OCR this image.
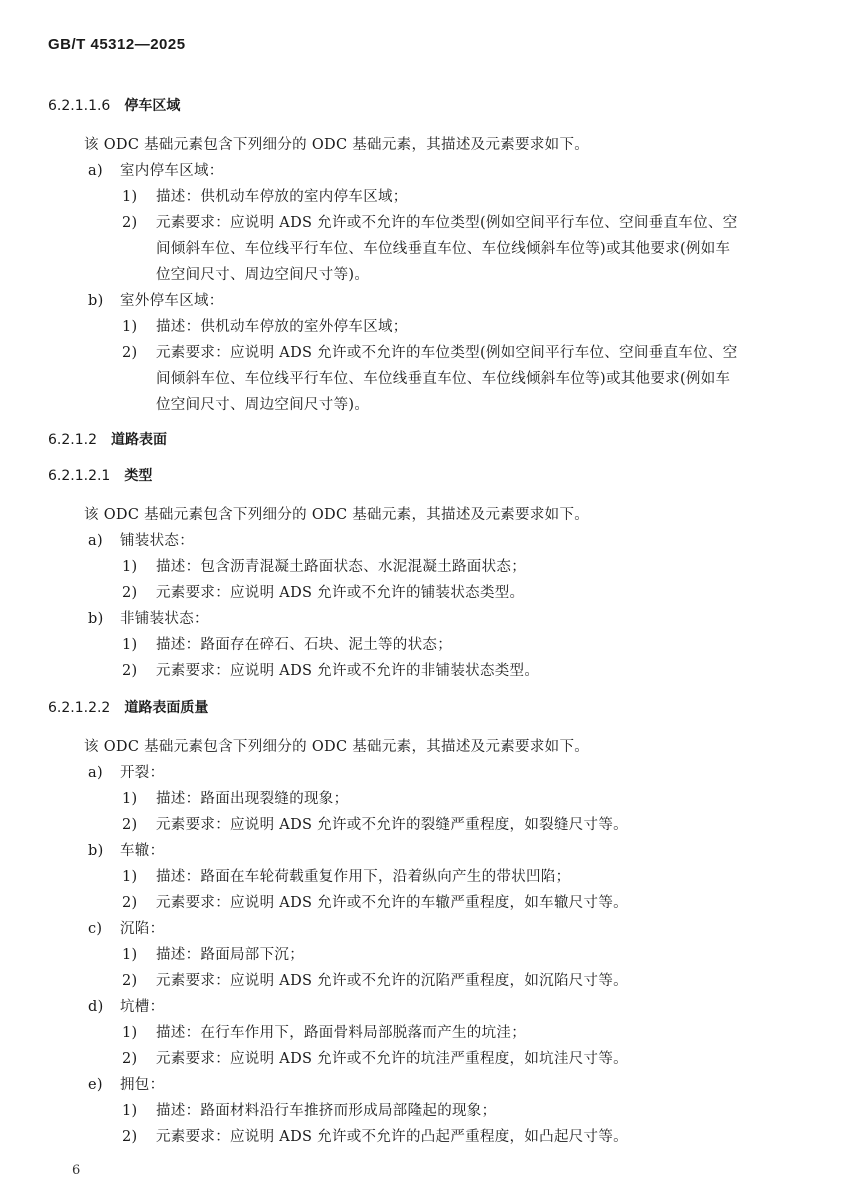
GB/T 45312—2025
6.2.1.1.6 停车区域
该 ODC 基础元素包含下列细分的 ODC 基础元素，其描述及元素要求如下。
a) 室内停车区域：
1) 描述：供机动车停放的室内停车区域；
2) 元素要求：应说明 ADS 允许或不允许的车位类型(例如空间平行车位、空间垂直车位、空
间倾斜车位、车位线平行车位、车位线垂直车位、车位线倾斜车位等)或其他要求(例如车
位空间尺寸、周边空间尺寸等)。
b) 室外停车区域：
1) 描述：供机动车停放的室外停车区域；
2) 元素要求：应说明 ADS 允许或不允许的车位类型(例如空间平行车位、空间垂直车位、空
间倾斜车位、车位线平行车位、车位线垂直车位、车位线倾斜车位等)或其他要求(例如车
位空间尺寸、周边空间尺寸等)。
6.2.1.2 道路表面
6.2.1.2.1 类型
该 ODC 基础元素包含下列细分的 ODC 基础元素，其描述及元素要求如下。
a) 铺装状态：
1) 描述：包含沥青混凝土路面状态、水泥混凝土路面状态；
2) 元素要求：应说明 ADS 允许或不允许的铺装状态类型。
b) 非铺装状态：
1) 描述：路面存在碎石、石块、泥土等的状态；
2) 元素要求：应说明 ADS 允许或不允许的非铺装状态类型。
6.2.1.2.2 道路表面质量
该 ODC 基础元素包含下列细分的 ODC 基础元素，其描述及元素要求如下。
a) 开裂：
1) 描述：路面出现裂缝的现象；
2) 元素要求：应说明 ADS 允许或不允许的裂缝严重程度，如裂缝尺寸等。
b) 车辙：
1) 描述：路面在车轮荷载重复作用下，沿着纵向产生的带状凹陷；
2) 元素要求：应说明 ADS 允许或不允许的车辙严重程度，如车辙尺寸等。
c) 沉陷：
1) 描述：路面局部下沉；
2) 元素要求：应说明 ADS 允许或不允许的沉陷严重程度，如沉陷尺寸等。
d) 坑槽：
1) 描述：在行车作用下，路面骨料局部脱落而产生的坑洼；
2) 元素要求：应说明 ADS 允许或不允许的坑洼严重程度，如坑洼尺寸等。
e) 拥包：
1) 描述：路面材料沿行车推挤而形成局部隆起的现象；
2) 元素要求：应说明 ADS 允许或不允许的凸起严重程度，如凸起尺寸等。
6
